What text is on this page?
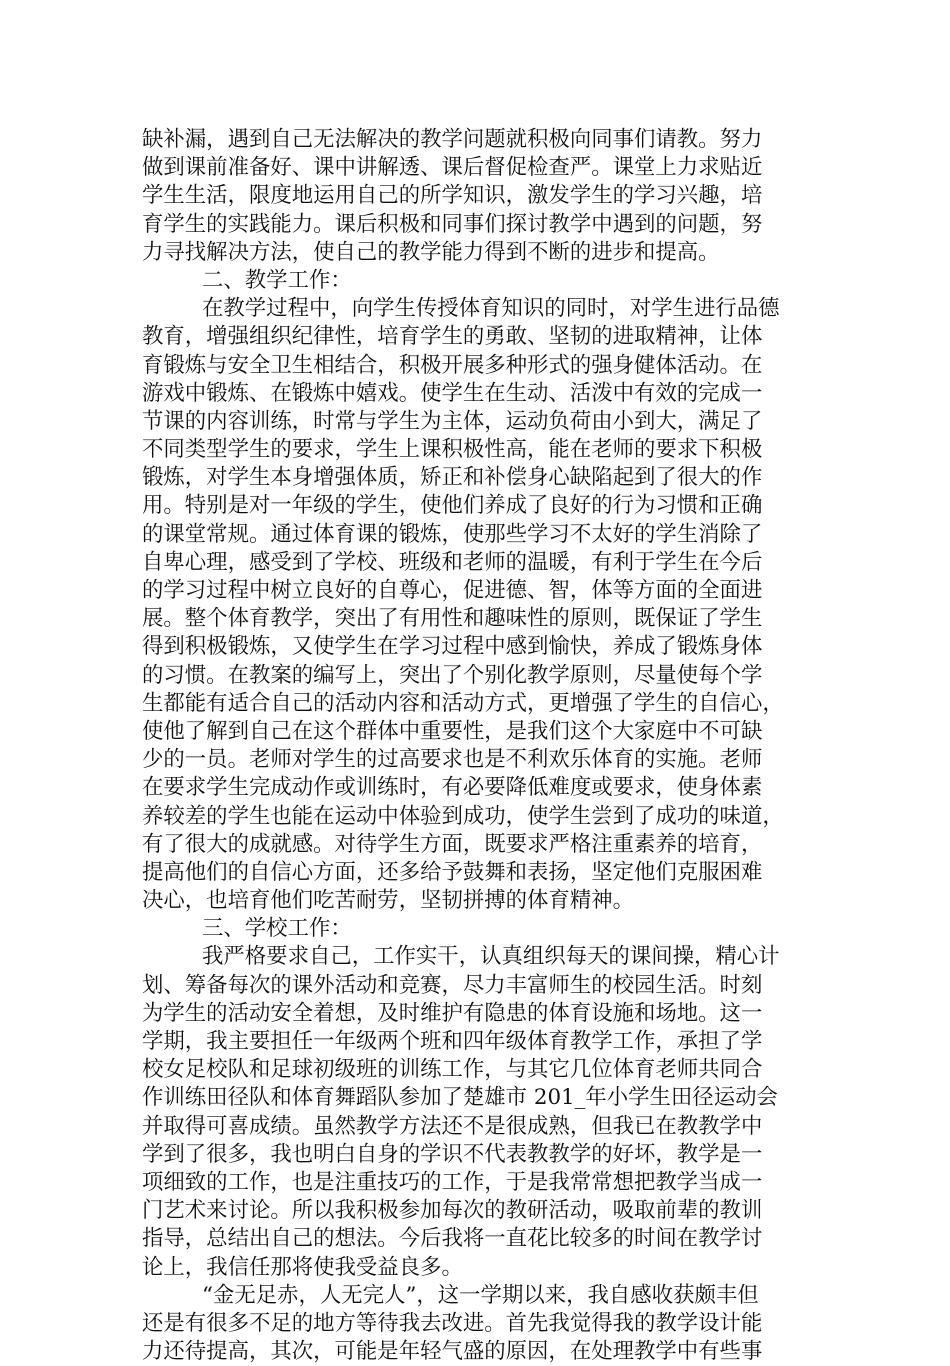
缺补漏，遇到自己无法解决的教学问题就积极向同事们请教。努力
做到课前准备好、课中讲解透、课后督促检查严。课堂上力求贴近
学生生活，限度地运用自己的所学知识，激发学生的学习兴趣，培
育学生的实践能力。课后积极和同事们探讨教学中遇到的问题，努
力寻找解决方法，使自己的教学能力得到不断的进步和提高。
二、教学工作：
在教学过程中，向学生传授体育知识的同时，对学生进行品德
教育，增强组织纪律性，培育学生的勇敢、坚韧的进取精神，让体
育锻炼与安全卫生相结合，积极开展多种形式的强身健体活动。在
游戏中锻炼、在锻炼中嬉戏。使学生在生动、活泼中有效的完成一
节课的内容训练，时常与学生为主体，运动负荷由小到大，满足了
不同类型学生的要求，学生上课积极性高，能在老师的要求下积极
锻炼，对学生本身增强体质，矫正和补偿身心缺陷起到了很大的作
用。特别是对一年级的学生，使他们养成了良好的行为习惯和正确
的课堂常规。通过体育课的锻炼，使那些学习不太好的学生消除了
自卑心理，感受到了学校、班级和老师的温暖，有利于学生在今后
的学习过程中树立良好的自尊心，促进德、智，体等方面的全面进
展。整个体育教学，突出了有用性和趣味性的原则，既保证了学生
得到积极锻炼，又使学生在学习过程中感到愉快，养成了锻炼身体
的习惯。在教案的编写上，突出了个别化教学原则，尽量使每个学
生都能有适合自己的活动内容和活动方式，更增强了学生的自信心，
使他了解到自己在这个群体中重要性，是我们这个大家庭中不可缺
少的一员。老师对学生的过高要求也是不利欢乐体育的实施。老师
在要求学生完成动作或训练时，有必要降低难度或要求，使身体素
养较差的学生也能在运动中体验到成功，使学生尝到了成功的味道，
有了很大的成就感。对待学生方面，既要求严格注重素养的培育，
提高他们的自信心方面，还多给予鼓舞和表扬，坚定他们克服困难
决心，也培育他们吃苦耐劳，坚韧拼搏的体育精神。
三、学校工作：
我严格要求自己，工作实干，认真组织每天的课间操，精心计
划、筹备每次的课外活动和竞赛，尽力丰富师生的校园生活。时刻
为学生的活动安全着想，及时维护有隐患的体育设施和场地。这一
学期，我主要担任一年级两个班和四年级体育教学工作，承担了学
校女足校队和足球初级班的训练工作，与其它几位体育老师共同合
作训练田径队和体育舞蹈队参加了楚雄市 201_年小学生田径运动会
并取得可喜成绩。虽然教学方法还不是很成熟，但我已在教教学中
学到了很多，我也明白自身的学识不代表教教学的好坏，教学是一
项细致的工作，也是注重技巧的工作，于是我常常想把教学当成一
门艺术来讨论。所以我积极参加每次的教研活动，吸取前辈的教训
指导，总结出自己的想法。今后我将一直花比较多的时间在教学讨
论上，我信任那将使我受益良多。
“金无足赤，人无完人”，这一学期以来，我自感收获颇丰但
还是有很多不足的地方等待我去改进。首先我觉得我的教学设计能
力还待提高，其次，可能是年轻气盛的原因，在处理教学中有些事
